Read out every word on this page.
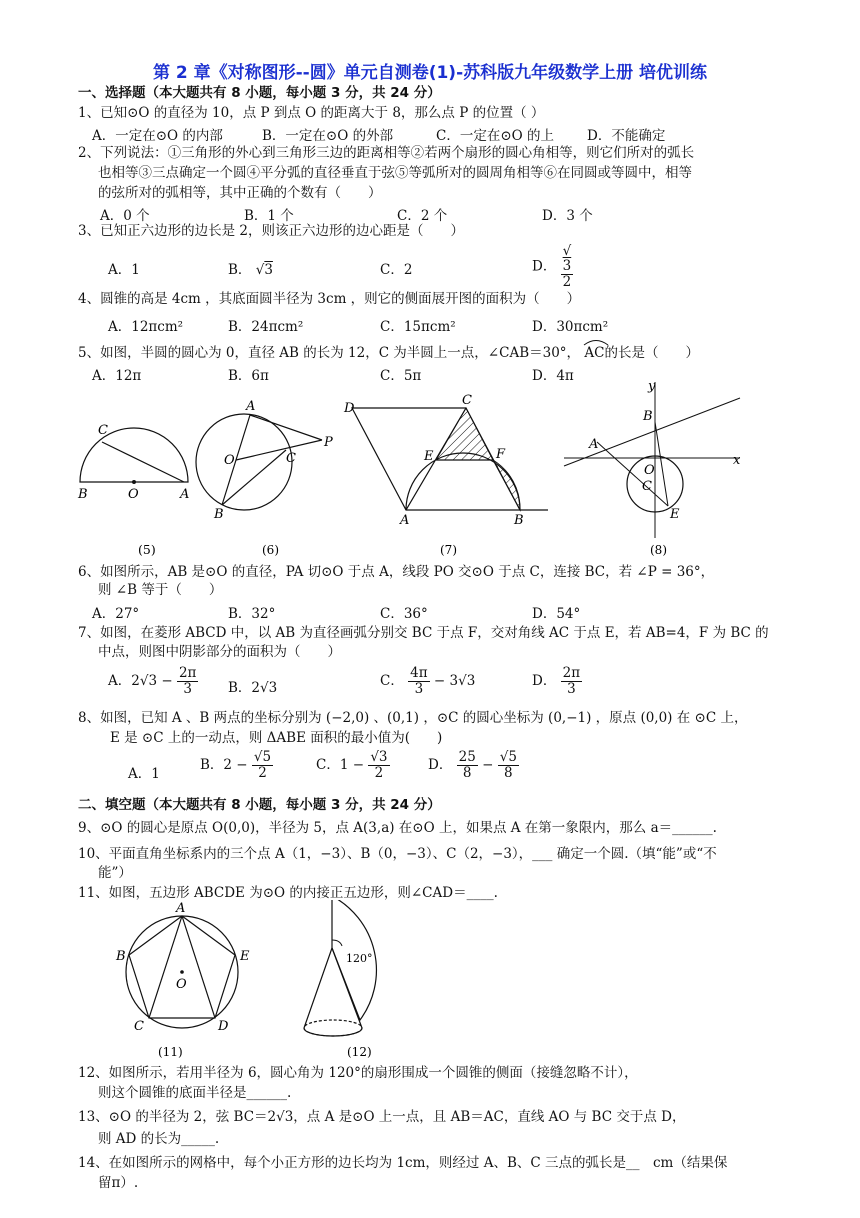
第 2 章《对称图形--圆》单元自测卷(1)-苏科版九年级数学上册 培优训练
一、选择题（本大题共有 8 小题，每小题 3 分，共 24 分）
1、已知⊙O 的直径为 10，点 P 到点 O 的距离大于 8，那么点 P 的位置（ ）
A．一定在⊙O 的内部	B．一定在⊙O 的外部	C．一定在⊙O 的上 D．不能确定
2、下列说法：①三角形的外心到三角形三边的距离相等②若两个扇形的圆心角相等，则它们所对的弧长
也相等③三点确定一个圆④平分弧的直径垂直于弦⑤等弧所对的圆周角相等⑥在同圆或等圆中，相等
的弦所对的弧相等，其中正确的个数有（　　）
A．0 个	B．1 个	C．2 个	D．3 个
3、已知正六边形的边长是 2，则该正六边形的边心距是（　　）
A．1	B． √3	C．2	D． √
3
2
4、圆锥的高是 4cm ，其底面圆半径为 3cm ，则它的侧面展开图的面积为（　　）
A．12πcm²	B．24πcm²	C．15πcm²	D．30πcm²
5、如图，半圆的圆心为 0，直径 AB 的长为 12，C 为半圆上一点，∠CAB＝30°， AC的长是（　　）
A．12π	B．6π	C．5π	D．4π
C
B	O	A
A
O	C
P
B
D
C
E	F
A	B
y
B
A
x
O
C
E
(5)	(6)	(7)	(8)
6、如图所示，AB 是⊙O 的直径，PA 切⊙O 于点 A，线段 PO 交⊙O 于点 C，连接 BC，若 ∠P = 36°，
则 ∠B 等于（　　）
A．27°	B．32°	C．36°	D．54°
7、如图，在菱形 ABCD 中，以 AB 为直径画弧分别交 BC 于点 F，交对角线 AC 于点 E，若 AB=4，F 为 BC 的
中点，则图中阴影部分的面积为（　　）
A．$2√3 - \frac{2\pi}{3}$ B．2√3	C． $\frac{4\pi}{3} - 3√3$	D． $\frac{2\pi}{3}$
8、如图，已知 A 、B 两点的坐标分别为 (−2,0) 、(0,1) ，⊙C 的圆心坐标为 (0,−1) ，原点 (0,0) 在 ⊙C 上，
E 是 ⊙C 上的一动点，则 ΔABE 面积的最小值为(　　)
A．1
B．$2 - \frac{√5}{2}$	C．$1 - \frac{√3}{2}$	D． $\frac{25}{8} - \frac{√5}{8}$
二、填空题（本大题共有 8 小题，每小题 3 分，共 24 分）
9、⊙O 的圆心是原点 O(0,0)，半径为 5，点 A(3,a) 在⊙O 上，如果点 A 在第一象限内，那么 a＝______.
10、平面直角坐标系内的三个点 A（1，−3）、B（0，−3）、C（2，−3），___ 确定一个圆.（填“能”或“不
能”）
11、如图，五边形 ABCDE 为⊙O 的内接正五边形，则∠CAD＝____.
A
B	E
O
C	D
120°
(11)	(12)
12、如图所示，若用半径为 6，圆心角为 120°的扇形围成一个圆锥的侧面（接缝忽略不计），
则这个圆锥的底面半径是______.
13、⊙O 的半径为 2，弦 BC＝2√3，点 A 是⊙O 上一点，且 AB＝AC，直线 AO 与 BC 交于点 D，
则 AD 的长为_____.
14、在如图所示的网格中，每个小正方形的边长均为 1cm，则经过 A、B、C 三点的弧长是__　cm（结果保
留π）.
